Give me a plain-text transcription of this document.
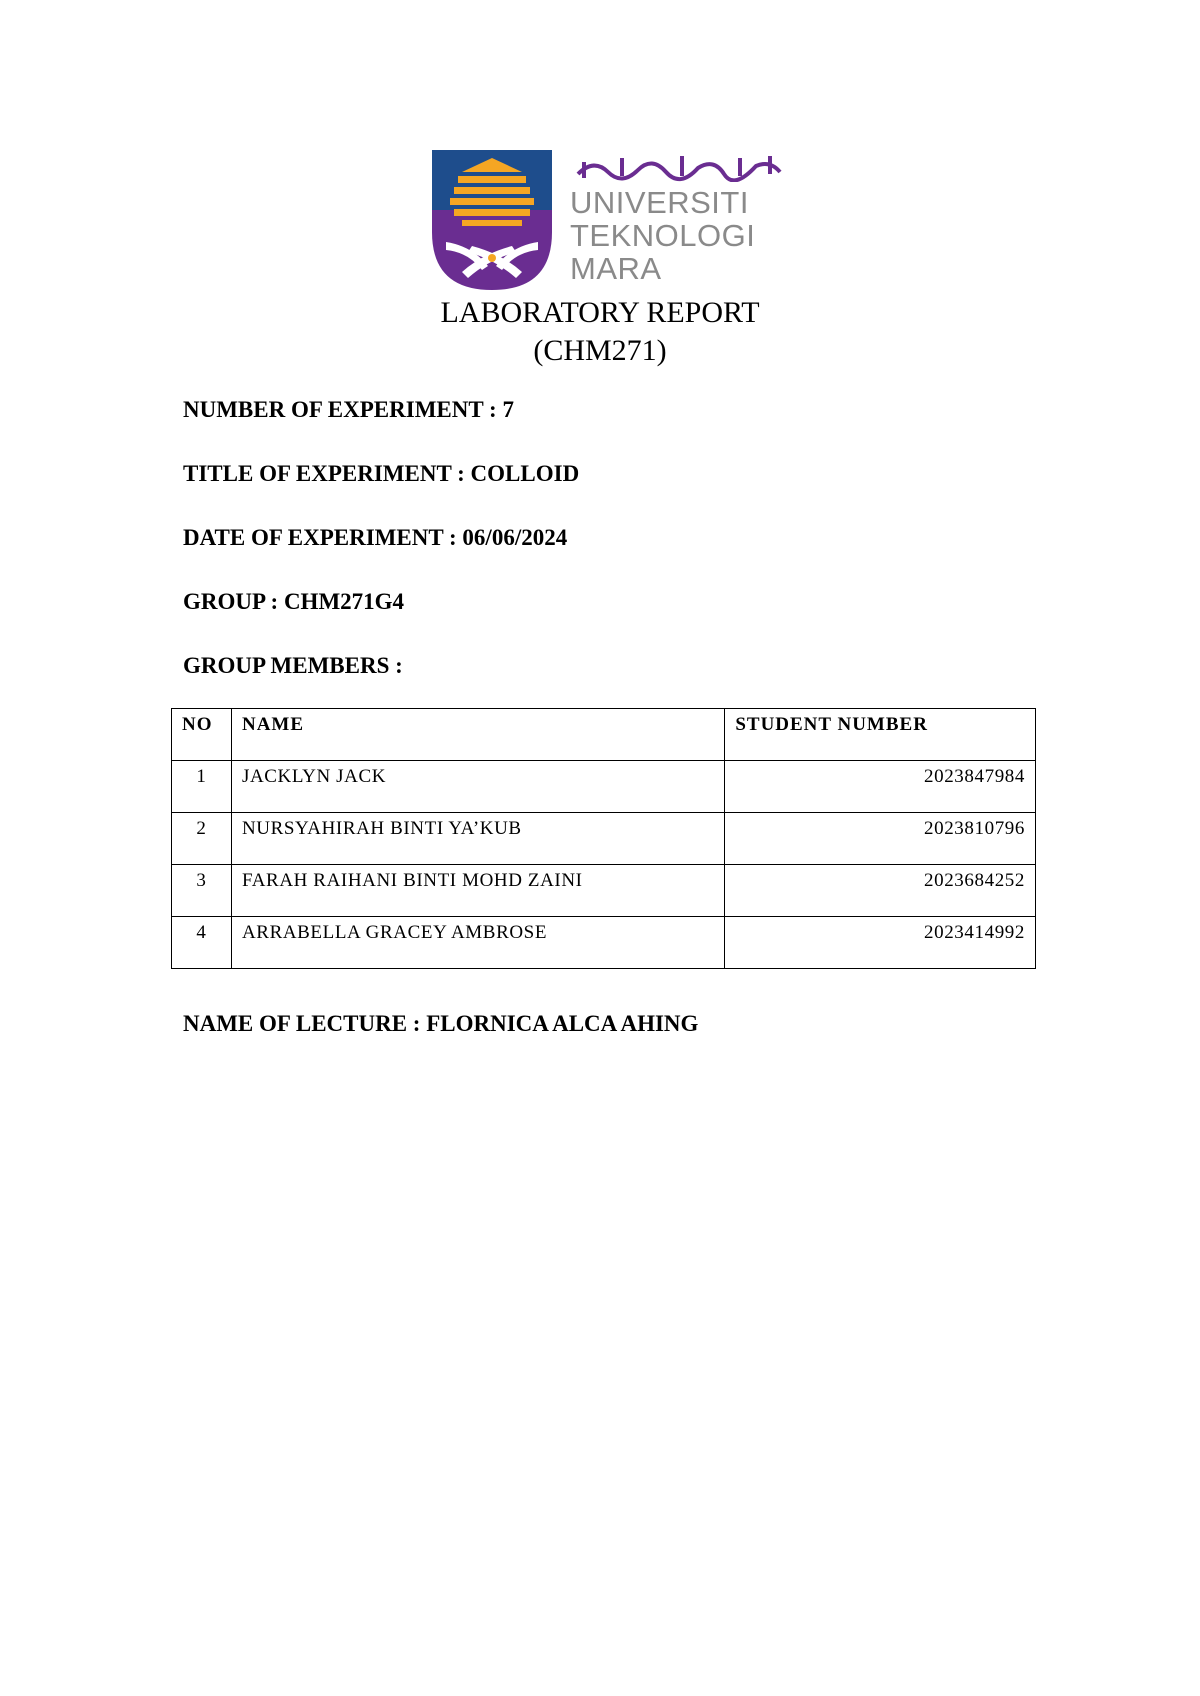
UNIVERSITI
TEKNOLOGI
MARA
LABORATORY REPORT
(CHM271)
NUMBER OF EXPERIMENT : 7
TITLE OF EXPERIMENT : COLLOID
DATE OF EXPERIMENT : 06/06/2024
GROUP : CHM271G4
GROUP MEMBERS :
NO	NAME	STUDENT NUMBER
1	JACKLYN JACK	2023847984
2	NURSYAHIRAH BINTI YA’KUB	2023810796
3	FARAH RAIHANI BINTI MOHD ZAINI	2023684252
4	ARRABELLA GRACEY AMBROSE	2023414992
NAME OF LECTURE : FLORNICA ALCA AHING
